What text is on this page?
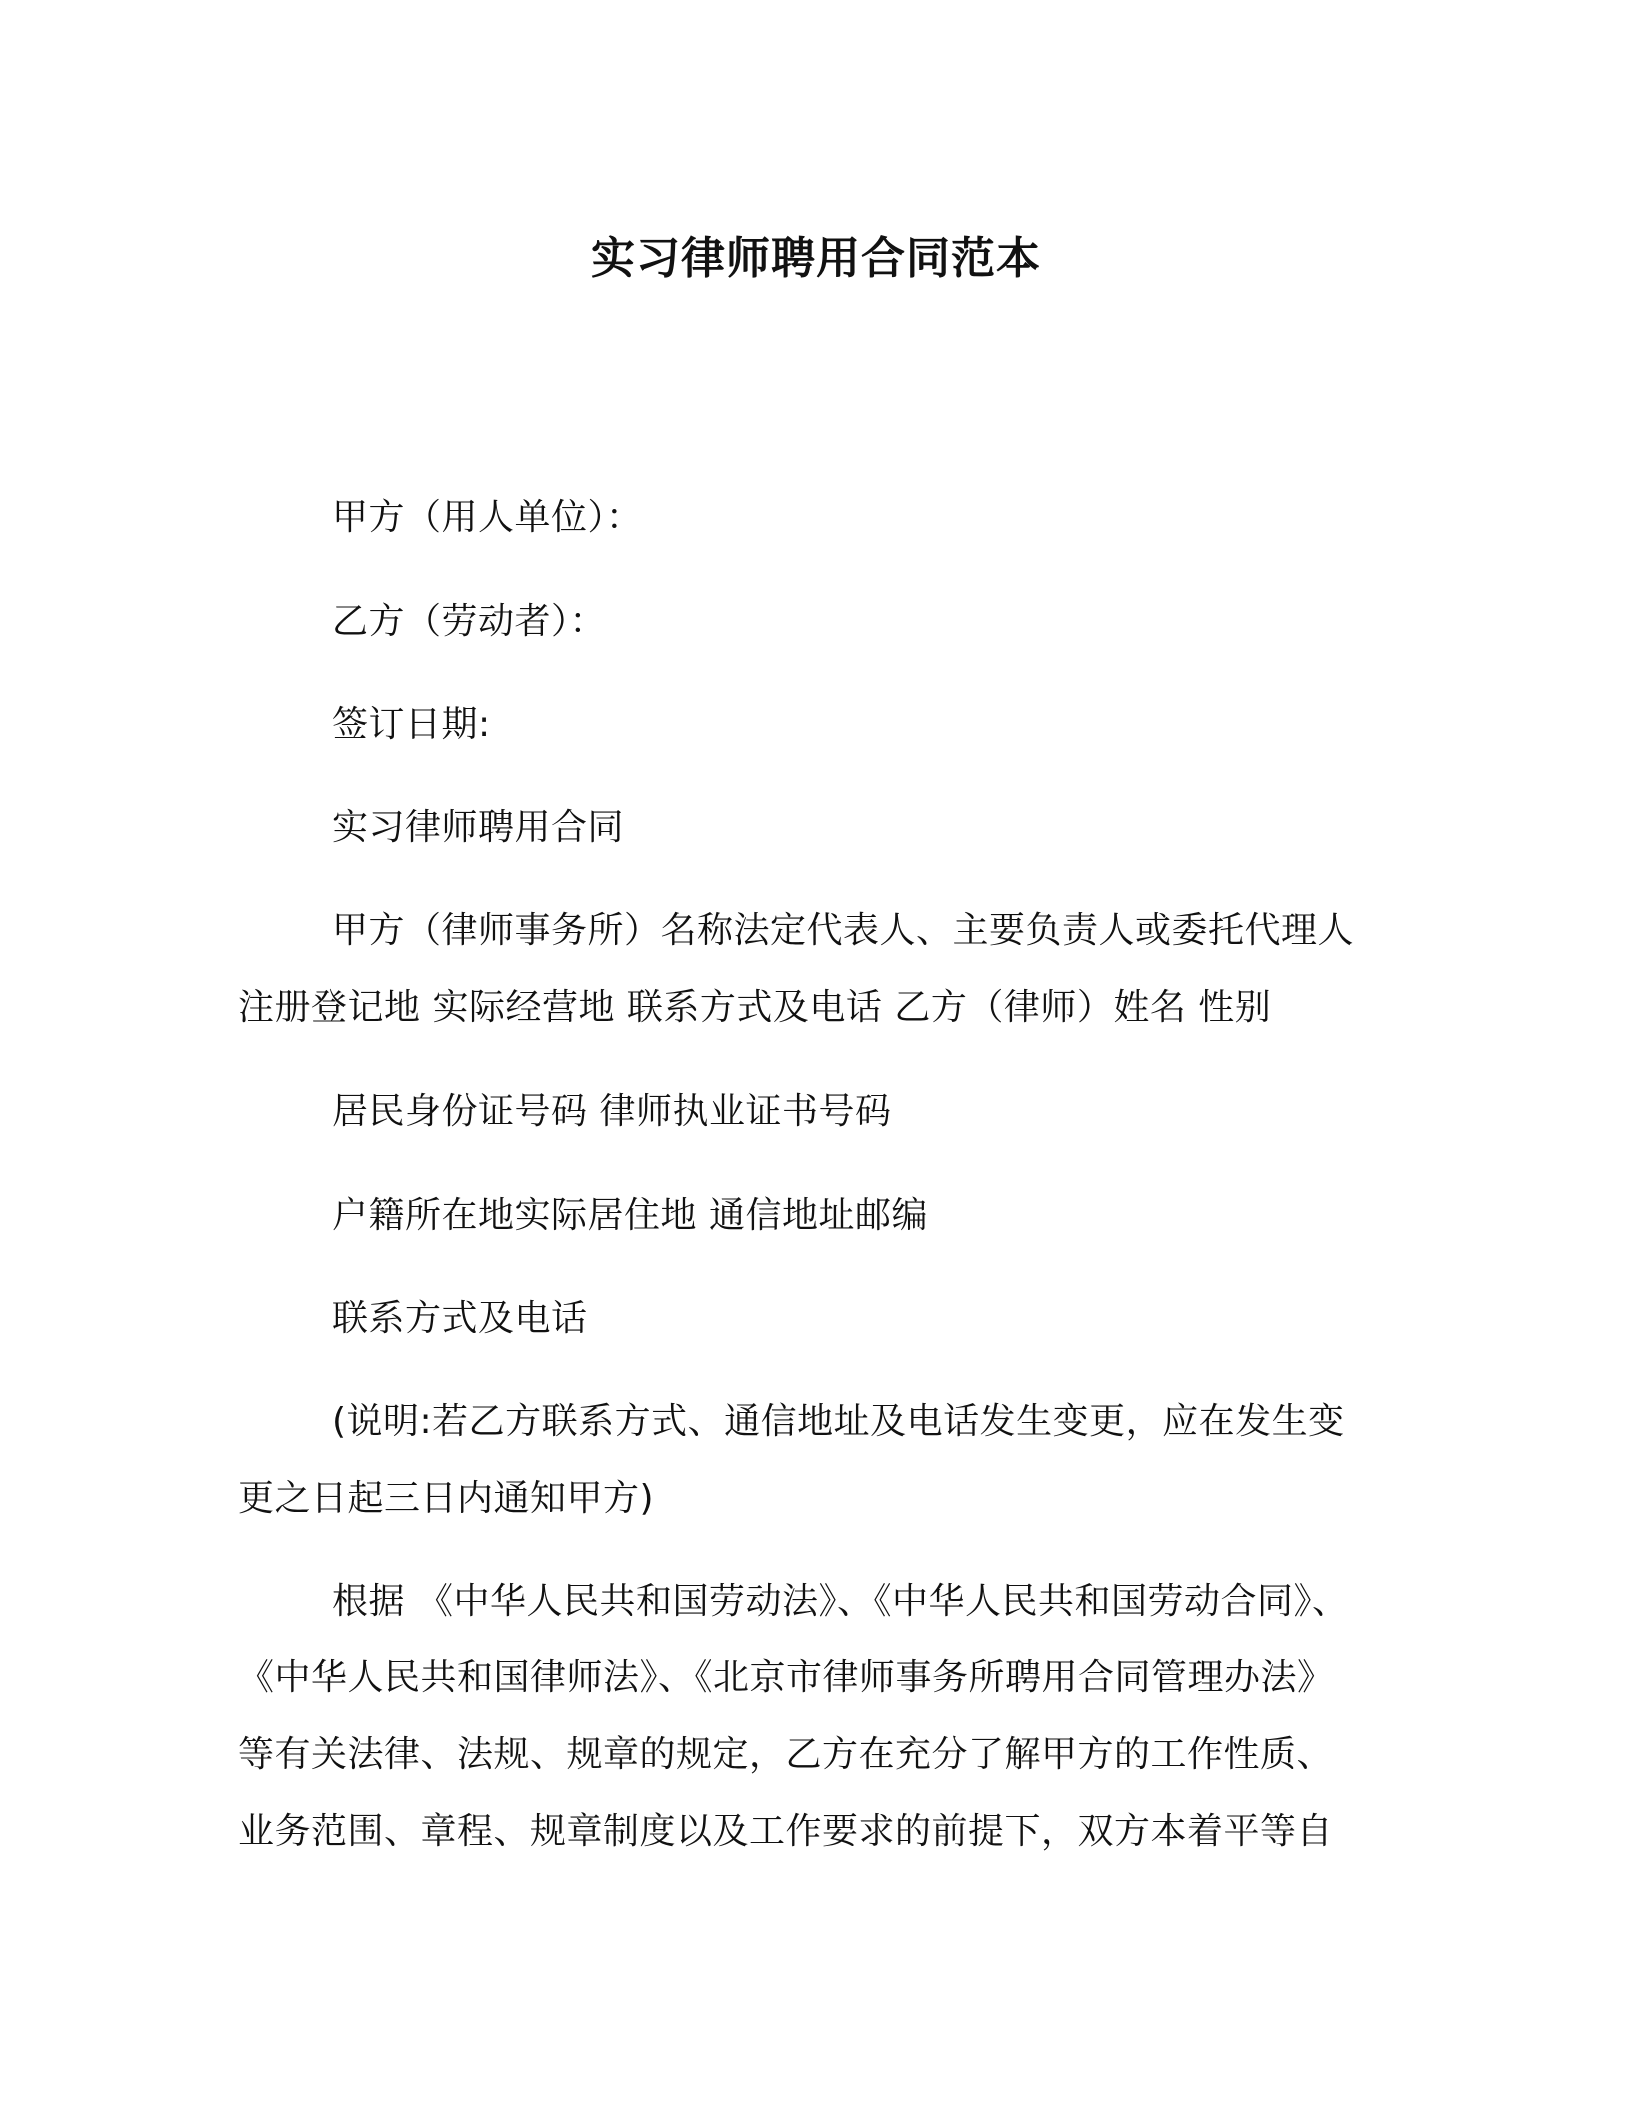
实习律师聘用合同范本
甲方（用人单位）：
乙方（劳动者）：
签订日期:
实习律师聘用合同
甲方（律师事务所）名称法定代表人、主要负责人或委托代理人
注册登记地 实际经营地 联系方式及电话 乙方（律师）姓名 性别
居民身份证号码 律师执业证书号码
户籍所在地实际居住地 通信地址邮编
联系方式及电话
(说明:若乙方联系方式、通信地址及电话发生变更，应在发生变
更之日起三日内通知甲方)
根据 《中华人民共和国劳动法》、《中华人民共和国劳动合同》、
《中华人民共和国律师法》、《北京市律师事务所聘用合同管理办法》
等有关法律、法规、规章的规定，乙方在充分了解甲方的工作性质、
业务范围、章程、规章制度以及工作要求的前提下，双方本着平等自
